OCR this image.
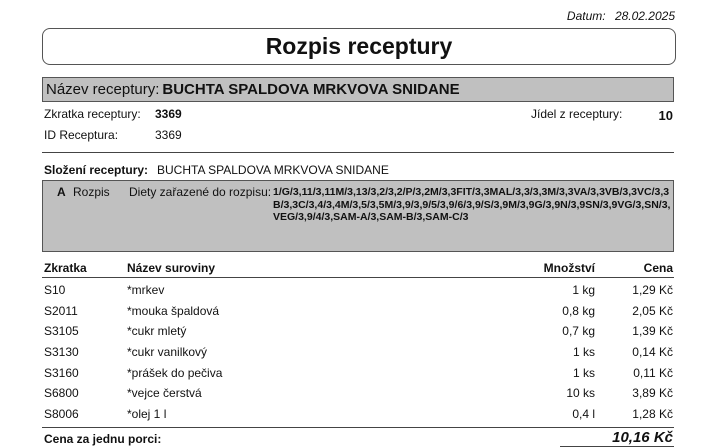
Datum: 28.02.2025
Rozpis receptury
Název receptury: BUCHTA SPALDOVA MRKVOVA SNIDANE
Zkratka receptury: 3369	Jídel z receptury:	10
ID Receptura:	3369
Složení receptury: BUCHTA SPALDOVA MRKVOVA SNIDANE
A Rozpis Diety zařazené do rozpisu: 1/G/3,11/3,11M/3,13/3,2/3,2/P/3,2M/3,3FIT/3,3MAL/3,3/3,3M/3,3VA/3,3VB/3,3VC/3,3B/3,3C/3,4/3,4M/3,5/3,5M/3,9/3,9/5/3,9/6/3,9/S/3,9M/3,9G/3,9N/3,9SN/3,9VG/3,SN/3,VEG/3,9/4/3,SAM-A/3,SAM-B/3,SAM-C/3
Zkratka	Název suroviny	Množství	Cena
S10	*mrkev	1 kg	1,29 Kč
S2011	*mouka špaldová	0,8 kg	2,05 Kč
S3105	*cukr mletý	0,7 kg	1,39 Kč
S3130	*cukr vanilkový	1 ks	0,14 Kč
S3160	*prášek do pečiva	1 ks	0,11 Kč
S6800	*vejce čerstvá	10 ks	3,89 Kč
S8006	*olej 1 l	0,4 l	1,28 Kč
Cena za jednu porci:	10,16 Kč
